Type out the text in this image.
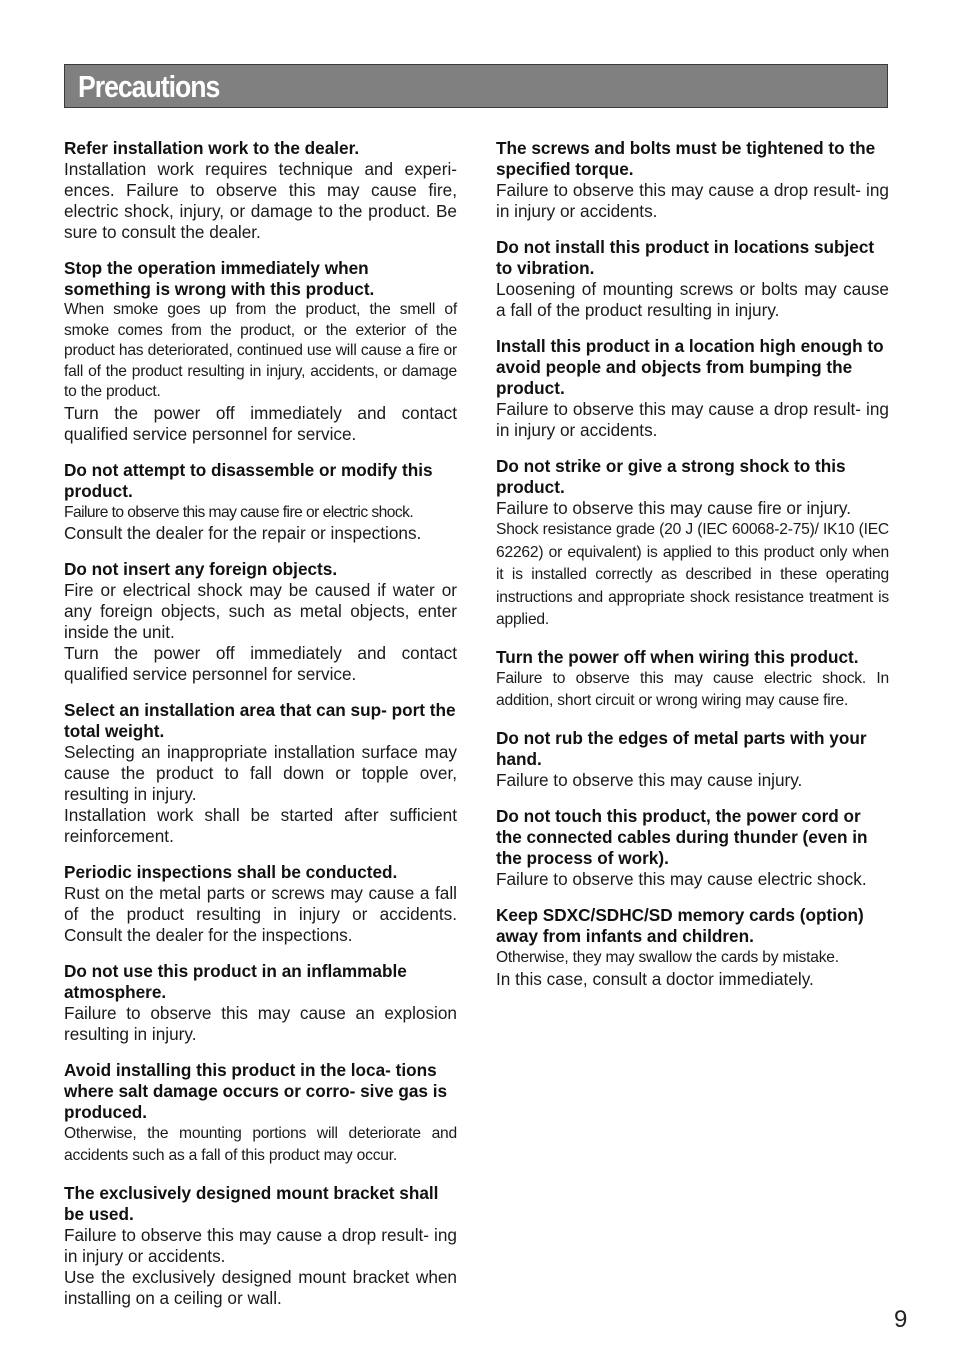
Precautions
Refer installation work to the dealer.

Installation work requires technique and experi- ences. Failure to observe this may cause fire, electric shock, injury, or damage to the product. Be sure to consult the dealer.

Stop the operation immediately when something is wrong with this product.

When smoke goes up from the product, the smell of smoke comes from the product, or the exterior of the product has deteriorated, continued use will cause a fire or fall of the product resulting in injury, accidents, or damage to the product.

Turn the power off immediately and contact qualified service personnel for service.

Do not attempt to disassemble or modify this product.

Failure to observe this may cause fire or electric shock.

Consult the dealer for the repair or inspections.

Do not insert any foreign objects.

Fire or electrical shock may be caused if water or any foreign objects, such as metal objects, enter inside the unit.

Turn the power off immediately and contact qualified service personnel for service.

Select an installation area that can sup- port the total weight.

Selecting an inappropriate installation surface may cause the product to fall down or topple over, resulting in injury.

Installation work shall be started after sufficient reinforcement.

Periodic inspections shall be conducted.

Rust on the metal parts or screws may cause a fall of the product resulting in injury or accidents. Consult the dealer for the inspections.

Do not use this product in an inflammable atmosphere.

Failure to observe this may cause an explosion resulting in injury.

Avoid installing this product in the loca- tions where salt damage occurs or corro- sive gas is produced.

Otherwise, the mounting portions will deteriorate and accidents such as a fall of this product may occur.

The exclusively designed mount bracket shall be used.

Failure to observe this may cause a drop result- ing in injury or accidents.

Use the exclusively designed mount bracket when installing on a ceiling or wall.

The screws and bolts must be tightened to the specified torque.

Failure to observe this may cause a drop result- ing in injury or accidents.

Do not install this product in locations subject to vibration.

Loosening of mounting screws or bolts may cause a fall of the product resulting in injury.

Install this product in a location high enough to avoid people and objects from bumping the product.

Failure to observe this may cause a drop result- ing in injury or accidents.

Do not strike or give a strong shock to this product.

Failure to observe this may cause fire or injury.

Shock resistance grade (20 J (IEC 60068-2-75)/ IK10 (IEC 62262) or equivalent) is applied to this product only when it is installed correctly as described in these operating instructions and appropriate shock resistance treatment is applied.

Turn the power off when wiring this product.

Failure to observe this may cause electric shock. In addition, short circuit or wrong wiring may cause fire.

Do not rub the edges of metal parts with your hand.

Failure to observe this may cause injury.

Do not touch this product, the power cord or the connected cables during thunder (even in the process of work).

Failure to observe this may cause electric shock.

Keep SDXC/SDHC/SD memory cards (option) away from infants and children.

Otherwise, they may swallow the cards by mistake.

In this case, consult a doctor immediately.

9
